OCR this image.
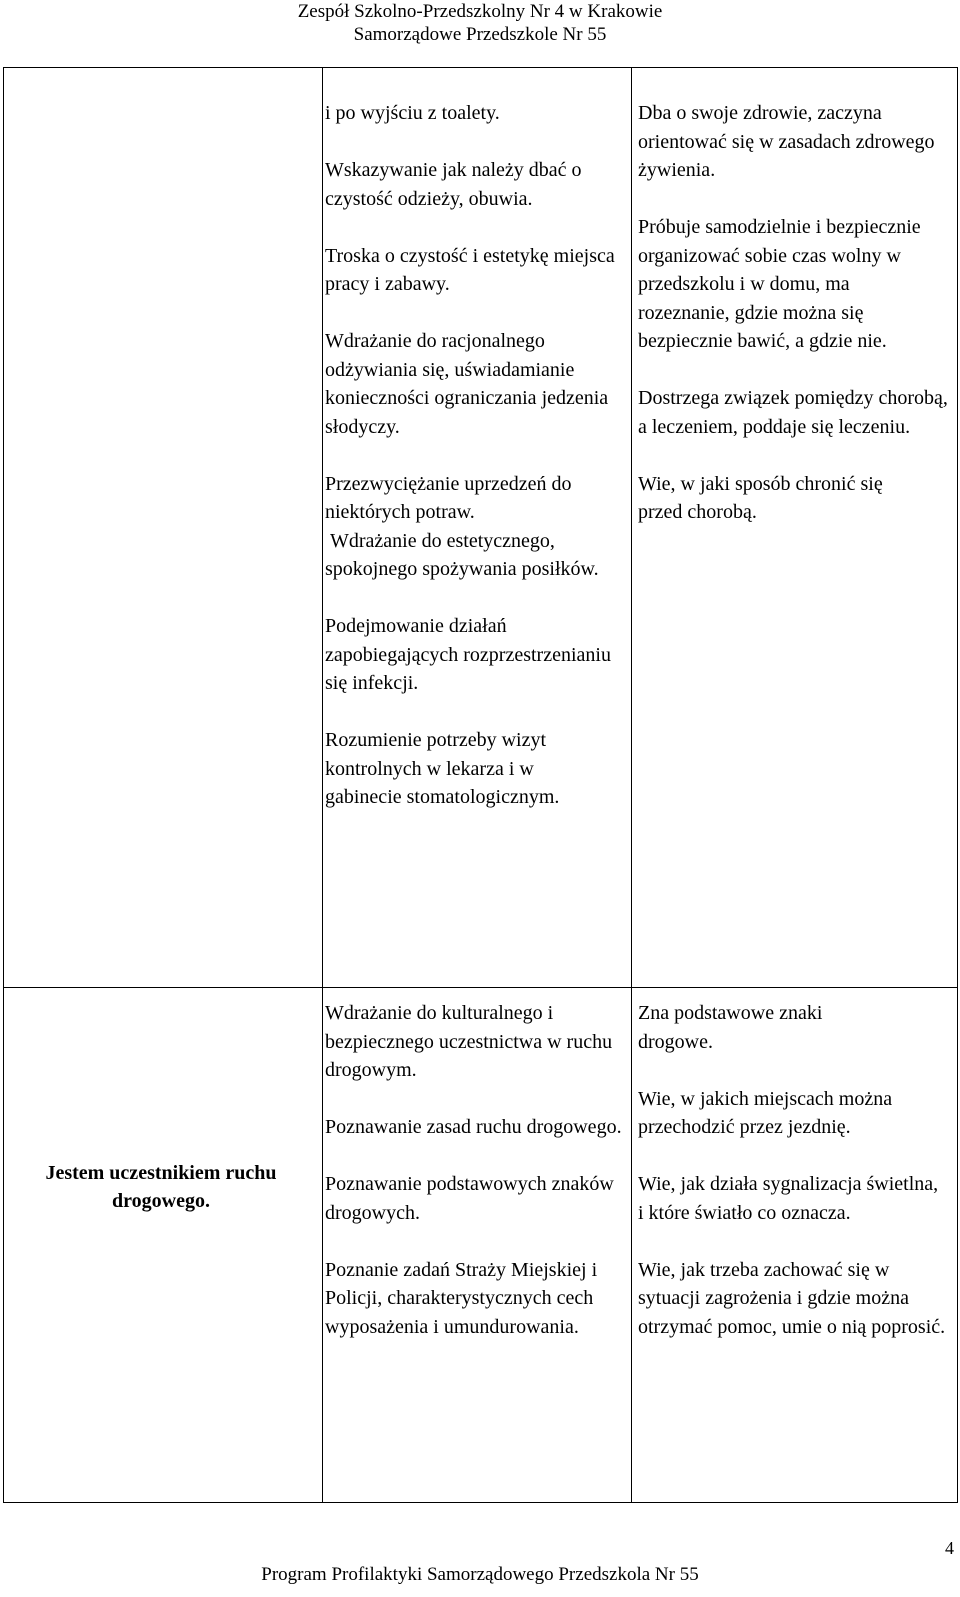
Zespół Szkolno-Przedszkolny Nr 4 w Krakowie
Samorządowe Przedszkole Nr 55

i po wyjściu z toalety.

Wskazywanie jak należy dbać o czystość odzieży, obuwia.

Troska o czystość i estetykę miejsca pracy i zabawy.

Wdrażanie do racjonalnego odżywiania się, uświadamianie konieczności ograniczania jedzenia słodyczy.

Przezwyciężanie uprzedzeń do niektórych potraw.

Wdrażanie do estetycznego, spokojnego spożywania posiłków.

Podejmowanie działań zapobiegających rozprzestrzenianiu się infekcji.

Rozumienie potrzeby wizyt kontrolnych w lekarza i w gabinecie stomatologicznym.

Dba o swoje zdrowie, zaczyna orientować się w zasadach zdrowego żywienia.

Próbuje samodzielnie i bezpiecznie organizować sobie czas wolny w przedszkolu i w domu, ma rozeznanie, gdzie można się bezpiecznie bawić, a gdzie nie.

Dostrzega związek pomiędzy chorobą, a leczeniem, poddaje się leczeniu.

Wie, w jaki sposób chronić się przed chorobą.

Jestem uczestnikiem ruchu drogowego.

Wdrażanie do kulturalnego i bezpiecznego uczestnictwa w ruchu drogowym.

Poznawanie zasad ruchu drogowego.

Poznawanie podstawowych znaków drogowych.

Poznanie zadań Straży Miejskiej i Policji, charakterystycznych cech wyposażenia i umundurowania.

Zna podstawowe znaki drogowe.

Wie, w jakich miejscach można przechodzić przez jezdnię.

Wie, jak działa sygnalizacja świetlna, i które światło co oznacza.

Wie, jak trzeba zachować się w sytuacji zagrożenia i gdzie można otrzymać pomoc, umie o nią poprosić.

4
Program Profilaktyki Samorządowego Przedszkola Nr 55
